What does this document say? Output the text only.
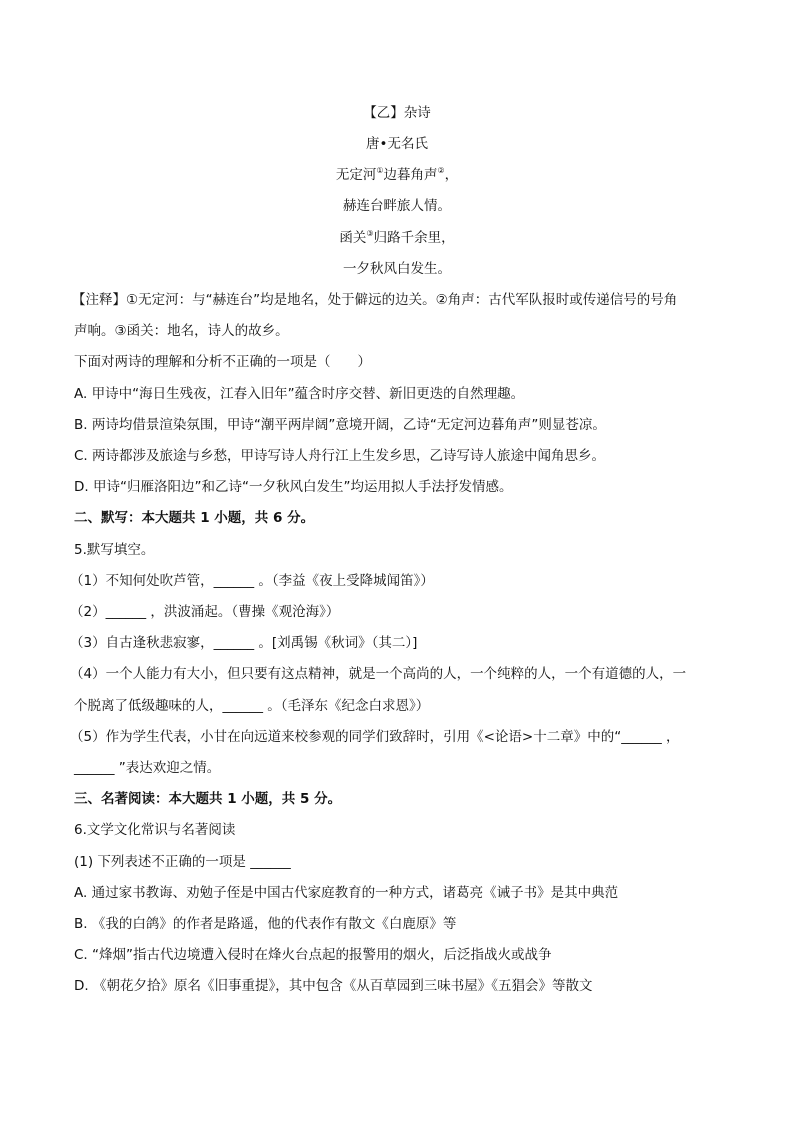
【乙】杂诗
唐•无名氏
无定河①边暮角声②，
赫连台畔旅人情。
函关③归路千余里，
一夕秋风白发生。
【注释】①无定河：与“赫连台”均是地名，处于僻远的边关。②角声：古代军队报时或传递信号的号角
声响。③函关：地名，诗人的故乡。
下面对两诗的理解和分析不正确的一项是（　　）
A. 甲诗中“海日生残夜，江春入旧年”蕴含时序交替、新旧更迭的自然理趣。
B. 两诗均借景渲染氛围，甲诗“潮平两岸阔”意境开阔，乙诗“无定河边暮角声”则显苍凉。
C. 两诗都涉及旅途与乡愁，甲诗写诗人舟行江上生发乡思，乙诗写诗人旅途中闻角思乡。
D. 甲诗“归雁洛阳边”和乙诗“一夕秋风白发生”均运用拟人手法抒发情感。
二、默写：本大题共 1 小题，共 6 分。
5.默写填空。
（1）不知何处吹芦管，______ 。（李益《夜上受降城闻笛》）
（2）______ ，洪波涌起。（曹操《观沧海》）
（3）自古逢秋悲寂寥，______ 。[刘禹锡《秋词》（其二）]
（4）一个人能力有大小，但只要有这点精神，就是一个高尚的人，一个纯粹的人，一个有道德的人，一
个脱离了低级趣味的人，______ 。（毛泽东《纪念白求恩》）
（5）作为学生代表，小甘在向远道来校参观的同学们致辞时，引用《<论语>十二章》中的“______ ，
______ ”表达欢迎之情。
三、名著阅读：本大题共 1 小题，共 5 分。
6.文学文化常识与名著阅读
(1) 下列表述不正确的一项是 ______
A. 通过家书教诲、劝勉子侄是中国古代家庭教育的一种方式，诸葛亮《诫子书》是其中典范
B. 《我的白鸽》的作者是路遥，他的代表作有散文《白鹿原》等
C. “烽烟”指古代边境遭入侵时在烽火台点起的报警用的烟火，后泛指战火或战争
D. 《朝花夕拾》原名《旧事重提》，其中包含《从百草园到三味书屋》《五猖会》等散文
